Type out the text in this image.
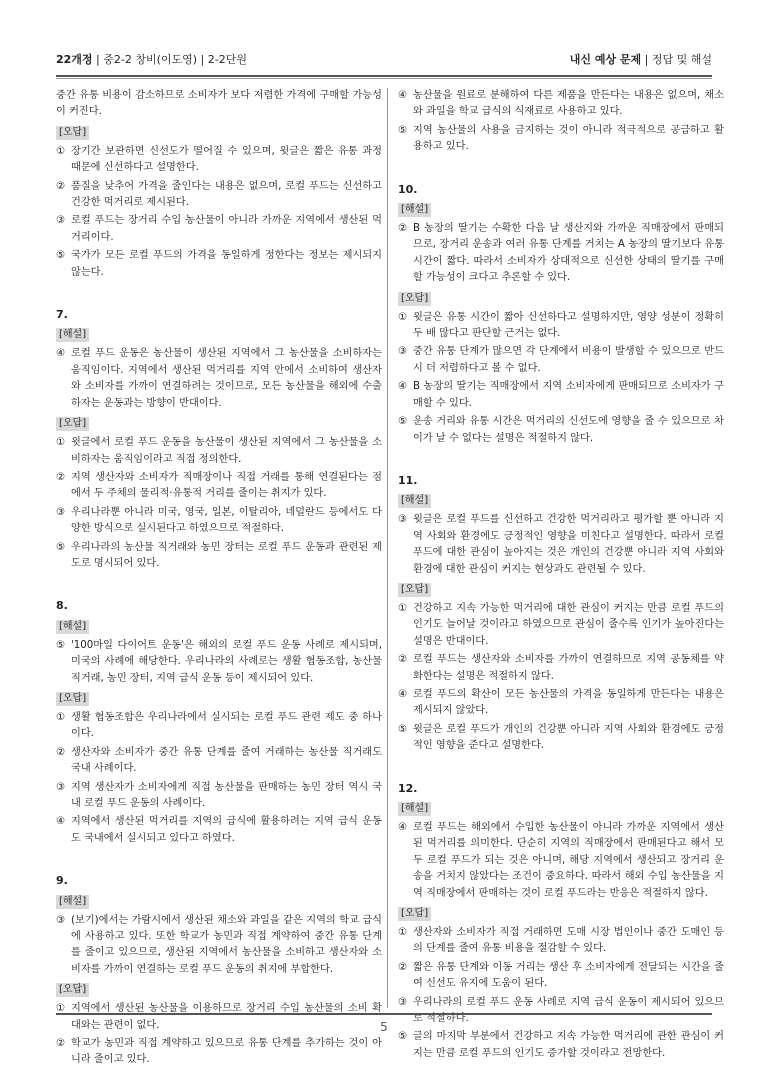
22개정 | 중2-2 창비(이도영) | 2-2단원	내신 예상 문제 | 정답 및 해설
중간 유통 비용이 감소하므로 소비자가 보다 저렴한 가격에 구매할 가능성이 커진다.
[오답]
① 장기간 보관하면 신선도가 떨어질 수 있으며, 윗글은 짧은 유통 과정 때문에 신선하다고 설명한다.
② 품질을 낮추어 가격을 줄인다는 내용은 없으며, 로컬 푸드는 신선하고 건강한 먹거리로 제시된다.
③ 로컬 푸드는 장거리 수입 농산물이 아니라 가까운 지역에서 생산된 먹거리이다.
⑤ 국가가 모든 로컬 푸드의 가격을 동일하게 정한다는 정보는 제시되지 않는다.
7.
[해설]
④ 로컬 푸드 운동은 농산물이 생산된 지역에서 그 농산물을 소비하자는 움직임이다. 지역에서 생산된 먹거리를 지역 안에서 소비하여 생산자와 소비자를 가까이 연결하려는 것이므로, 모든 농산물을 해외에 수출하자는 운동과는 방향이 반대이다.
[오답]
① 윗글에서 로컬 푸드 운동을 농산물이 생산된 지역에서 그 농산물을 소비하자는 움직임이라고 직접 정의한다.
② 지역 생산자와 소비자가 직매장이나 직접 거래를 통해 연결된다는 점에서 두 주체의 물리적·유통적 거리를 줄이는 취지가 있다.
③ 우리나라뿐 아니라 미국, 영국, 일본, 이탈리아, 네덜란드 등에서도 다양한 방식으로 실시된다고 하였으므로 적절하다.
⑤ 우리나라의 농산물 직거래와 농민 장터는 로컬 푸드 운동과 관련된 제도로 명시되어 있다.
8.
[해설]
⑤ '100마일 다이어트 운동'은 해외의 로컬 푸드 운동 사례로 제시되며, 미국의 사례에 해당한다. 우리나라의 사례로는 생활 협동조합, 농산물 직거래, 농민 장터, 지역 급식 운동 등이 제시되어 있다.
[오답]
① 생활 협동조합은 우리나라에서 실시되는 로컬 푸드 관련 제도 중 하나이다.
② 생산자와 소비자가 중간 유통 단계를 줄여 거래하는 농산물 직거래도 국내 사례이다.
③ 지역 생산자가 소비자에게 직접 농산물을 판매하는 농민 장터 역시 국내 로컬 푸드 운동의 사례이다.
④ 지역에서 생산된 먹거리를 지역의 급식에 활용하려는 지역 급식 운동도 국내에서 실시되고 있다고 하였다.
9.
[해설]
③ (보기)에서는 가람시에서 생산된 채소와 과일을 같은 지역의 학교 급식에 사용하고 있다. 또한 학교가 농민과 직접 계약하여 중간 유통 단계를 줄이고 있으므로, 생산된 지역에서 농산물을 소비하고 생산자와 소비자를 가까이 연결하는 로컬 푸드 운동의 취지에 부합한다.
[오답]
① 지역에서 생산된 농산물을 이용하므로 장거리 수입 농산물의 소비 확대와는 관련이 없다.
② 학교가 농민과 직접 계약하고 있으므로 유통 단계를 추가하는 것이 아니라 줄이고 있다.
④ 농산물을 원료로 분해하여 다른 제품을 만든다는 내용은 없으며, 채소와 과일을 학교 급식의 식재료로 사용하고 있다.
⑤ 지역 농산물의 사용을 금지하는 것이 아니라 적극적으로 공급하고 활용하고 있다.
10.
[해설]
② B 농장의 딸기는 수확한 다음 날 생산지와 가까운 직매장에서 판매되므로, 장거리 운송과 여러 유통 단계를 거치는 A 농장의 딸기보다 유통 시간이 짧다. 따라서 소비자가 상대적으로 신선한 상태의 딸기를 구매할 가능성이 크다고 추론할 수 있다.
[오답]
① 윗글은 유통 시간이 짧아 신선하다고 설명하지만, 영양 성분이 정확히 두 배 많다고 판단할 근거는 없다.
③ 중간 유통 단계가 많으면 각 단계에서 비용이 발생할 수 있으므로 반드시 더 저렴하다고 볼 수 없다.
④ B 농장의 딸기는 직매장에서 지역 소비자에게 판매되므로 소비자가 구매할 수 있다.
⑤ 운송 거리와 유통 시간은 먹거리의 신선도에 영향을 줄 수 있으므로 차이가 날 수 없다는 설명은 적절하지 않다.
11.
[해설]
③ 윗글은 로컬 푸드를 신선하고 건강한 먹거리라고 평가할 뿐 아니라 지역 사회와 환경에도 긍정적인 영향을 미친다고 설명한다. 따라서 로컬 푸드에 대한 관심이 높아지는 것은 개인의 건강뿐 아니라 지역 사회와 환경에 대한 관심이 커지는 현상과도 관련될 수 있다.
[오답]
① 건강하고 지속 가능한 먹거리에 대한 관심이 커지는 만큼 로컬 푸드의 인기도 늘어날 것이라고 하였으므로 관심이 줄수록 인기가 높아진다는 설명은 반대이다.
② 로컬 푸드는 생산자와 소비자를 가까이 연결하므로 지역 공동체를 약화한다는 설명은 적절하지 않다.
④ 로컬 푸드의 확산이 모든 농산물의 가격을 동일하게 만든다는 내용은 제시되지 않았다.
⑤ 윗글은 로컬 푸드가 개인의 건강뿐 아니라 지역 사회와 환경에도 긍정적인 영향을 준다고 설명한다.
12.
[해설]
④ 로컬 푸드는 해외에서 수입한 농산물이 아니라 가까운 지역에서 생산된 먹거리를 의미한다. 단순히 지역의 직매장에서 판매된다고 해서 모두 로컬 푸드가 되는 것은 아니며, 해당 지역에서 생산되고 장거리 운송을 거치지 않았다는 조건이 중요하다. 따라서 해외 수입 농산물을 지역 직매장에서 판매하는 것이 로컬 푸드라는 반응은 적절하지 않다.
[오답]
① 생산자와 소비자가 직접 거래하면 도매 시장 법인이나 중간 도매인 등의 단계를 줄여 유통 비용을 절감할 수 있다.
② 짧은 유통 단계와 이동 거리는 생산 후 소비자에게 전달되는 시간을 줄여 신선도 유지에 도움이 된다.
③ 우리나라의 로컬 푸드 운동 사례로 지역 급식 운동이 제시되어 있으므로 적절하다.
⑤ 글의 마지막 부분에서 건강하고 지속 가능한 먹거리에 관한 관심이 커지는 만큼 로컬 푸드의 인기도 증가할 것이라고 전망한다.
5
